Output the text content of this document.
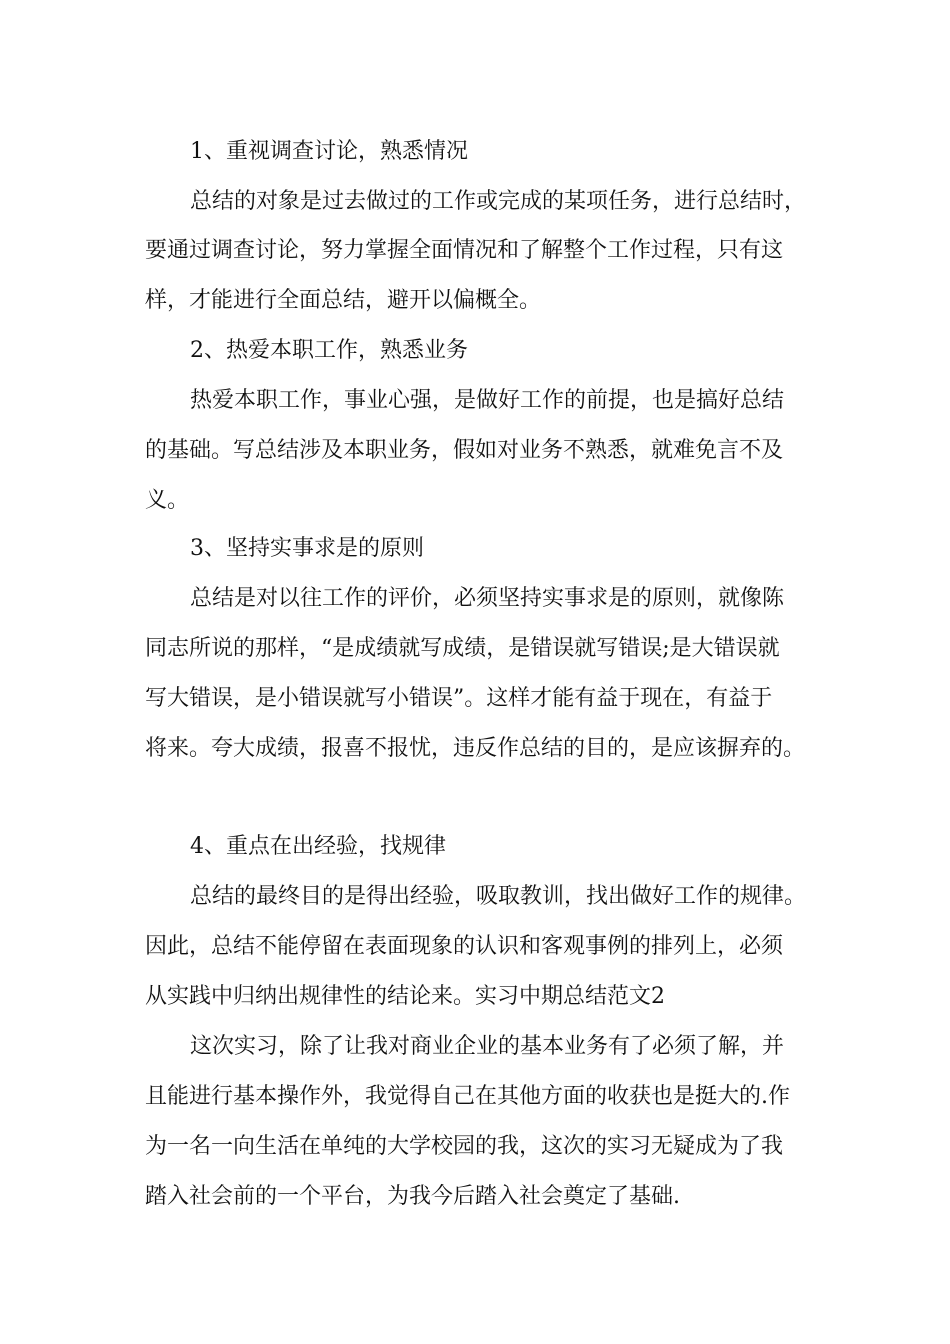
1、重视调查讨论，熟悉情况
总结的对象是过去做过的工作或完成的某项任务，进行总结时，
要通过调查讨论，努力掌握全面情况和了解整个工作过程，只有这
样，才能进行全面总结，避开以偏概全。
2、热爱本职工作，熟悉业务
热爱本职工作，事业心强，是做好工作的前提，也是搞好总结
的基础。写总结涉及本职业务，假如对业务不熟悉，就难免言不及
义。
3、坚持实事求是的原则
总结是对以往工作的评价，必须坚持实事求是的原则，就像陈
同志所说的那样，“是成绩就写成绩，是错误就写错误;是大错误就
写大错误，是小错误就写小错误”。这样才能有益于现在，有益于
将来。夸大成绩，报喜不报忧，违反作总结的目的，是应该摒弃的。
4、重点在出经验，找规律
总结的最终目的是得出经验，吸取教训，找出做好工作的规律。
因此，总结不能停留在表面现象的认识和客观事例的排列上，必须
从实践中归纳出规律性的结论来。实习中期总结范文2
这次实习，除了让我对商业企业的基本业务有了必须了解，并
且能进行基本操作外，我觉得自己在其他方面的收获也是挺大的.作
为一名一向生活在单纯的大学校园的我，这次的实习无疑成为了我
踏入社会前的一个平台，为我今后踏入社会奠定了基础.
